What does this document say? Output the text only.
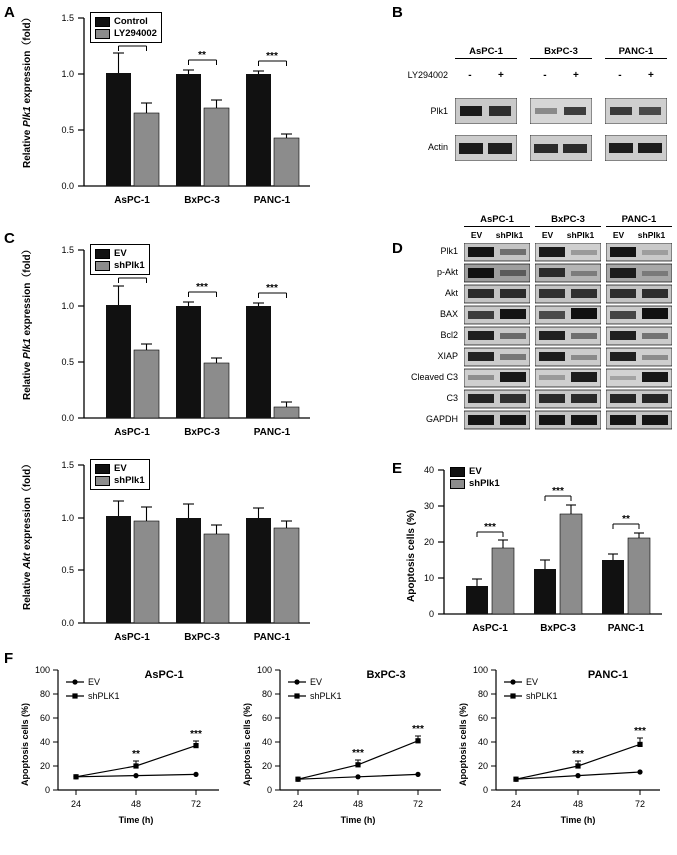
A	B
C
D
E
F
0.0
0.5
1.0
1.5
Relative Plk1 expression（fold）	**	***
AsPC-1	BxPC-3	PANC-1
Control
LY294002
AsPC-1	BxPC-3	PANC-1
LY294002 -	+	-	+	-	+
Plk1
Actin
0.0
0.5
1.0
1.5
Relative Plk1 expression（fold）	***	***
AsPC-1	BxPC-3	PANC-1
EV
shPlk1
0.0
0.5
1.0
1.5
Relative Akt expression（fold）
AsPC-1	BxPC-3	PANC-1
EV
shPlk1
AsPC-1	BxPC-3	PANC-1
EV shPlk1 EV shPlk1 EV shPlk1
Plk1
p-Akt
Akt
BAX
Bcl2
XIAP
Cleaved C3
C3
GAPDH
0
10
20
30
40
Apoptosis cells (%)	***
***
**
AsPC-1	BxPC-3	PANC-1
EV
shPlk1
0
20
40
60
80
100
Apoptosis cells (%)
24	48	72
Time (h)
AsPC-1
**
***
EV
shPLK1
0
20
40
60
80
100
Apoptosis cells (%)
24	48	72
Time (h)
BxPC-3
***
***
EV
shPLK1
0
20
40
60
80
100
Apoptosis cells (%)
24	48	72
Time (h)
PANC-1
***
***
EV
shPLK1
